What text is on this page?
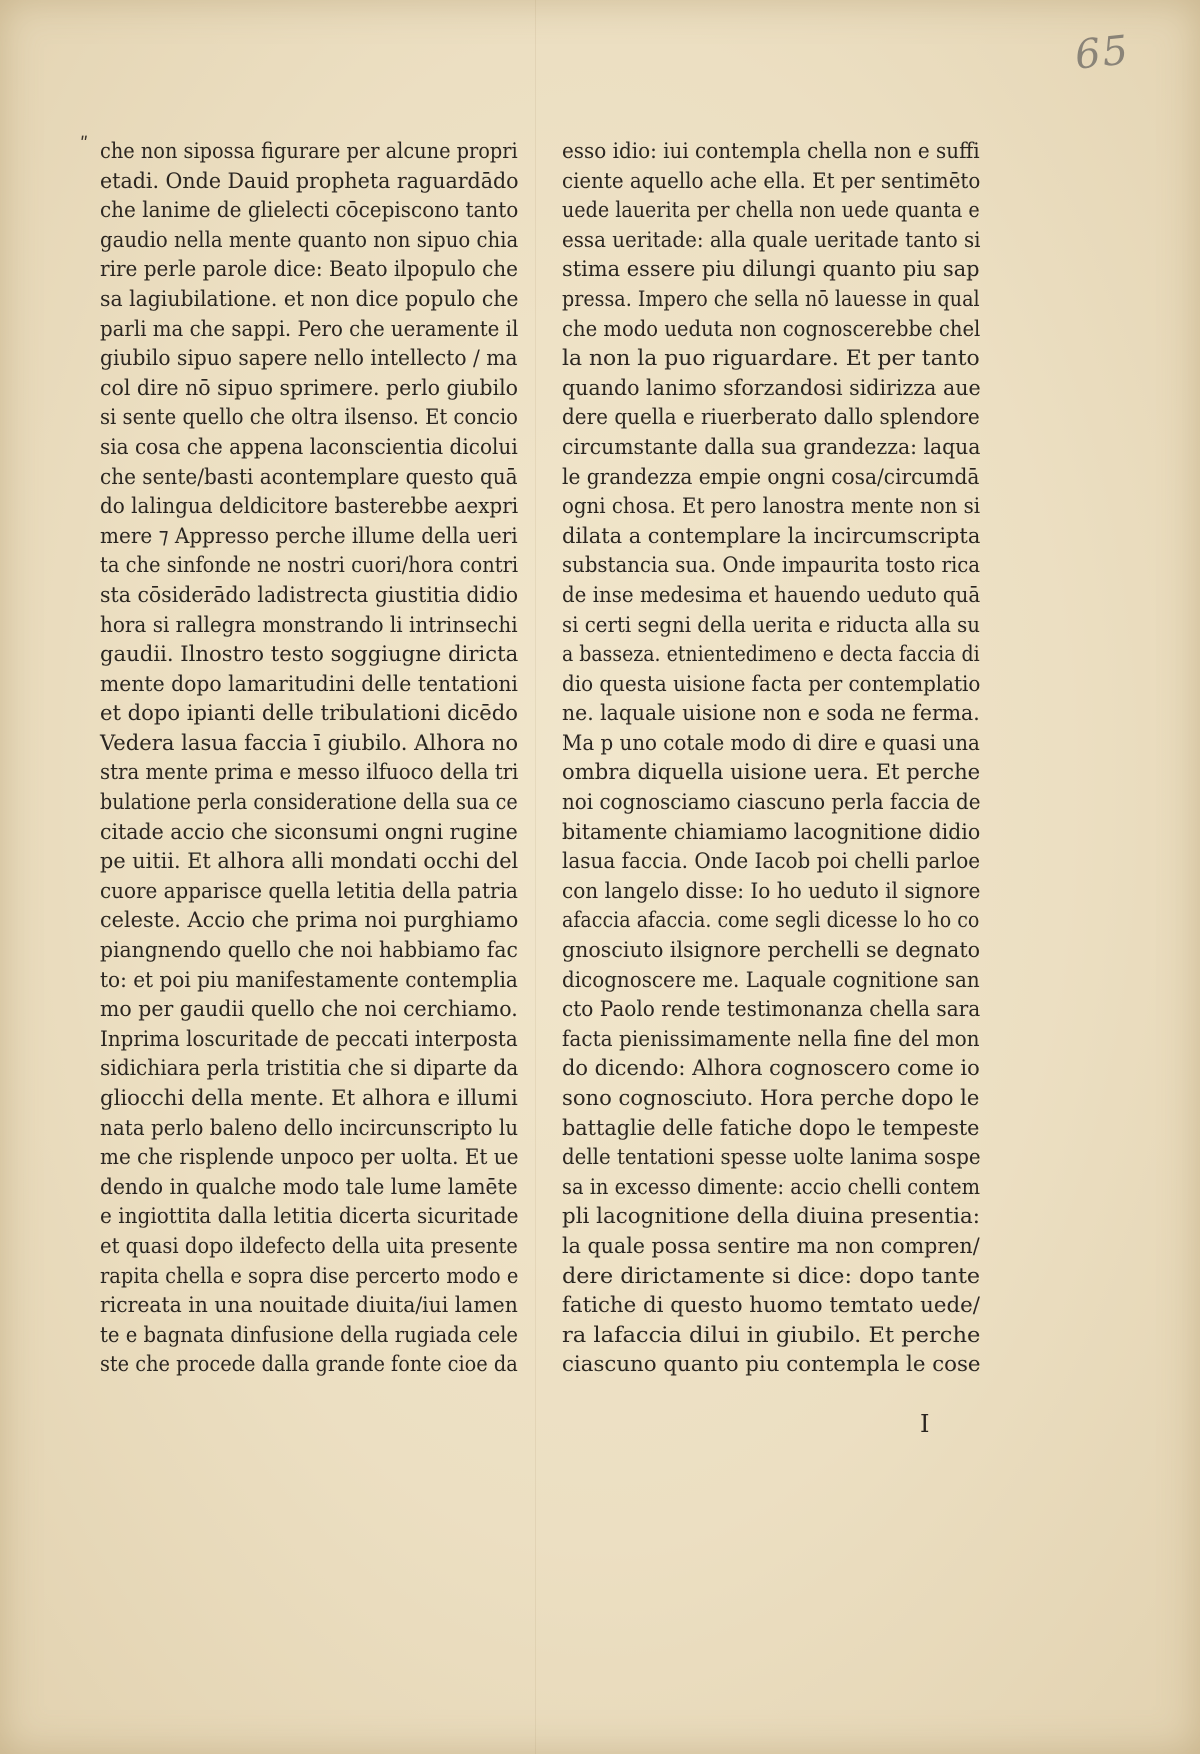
65
ʺ che non sipossa figurare per alcune propri
etadi. Onde Dauid propheta raguardādo
che lanime de glielecti cōcepiscono tanto
gaudio nella mente quanto non sipuo chia
rire perle parole dice: Beato ilpopulo che
sa lagiubilatione. et non dice populo che
parli ma che sappi. Pero che ueramente il
giubilo sipuo sapere nello intellecto / ma
col dire nō sipuo sprimere. perlo giubilo
si sente quello che oltra ilsenso. Et concio
sia cosa che appena laconscientia dicolui
che sente/basti acontemplare questo quā
do lalingua deldicitore basterebbe aexpri
mere ⁊ Appresso perche illume della ueri
ta che sinfonde ne nostri cuori/hora contri
sta cōsiderādo ladistrecta giustitia didio
hora si rallegra monstrando li intrinsechi
gaudii. Ilnostro testo soggiugne diricta
mente dopo lamaritudini delle tentationi
et dopo ipianti delle tribulationi dicēdo
Vedera lasua faccia ī giubilo. Alhora no
stra mente prima e messo ilfuoco della tri
bulatione perla consideratione della sua ce
citade accio che siconsumi ongni rugine
pe uitii. Et alhora alli mondati occhi del
cuore apparisce quella letitia della patria
celeste. Accio che prima noi purghiamo
piangnendo quello che noi habbiamo fac
to: et poi piu manifestamente contemplia
mo per gaudii quello che noi cerchiamo.
Inprima loscuritade de peccati interposta
sidichiara perla tristitia che si diparte da
gliocchi della mente. Et alhora e illumi
nata perlo baleno dello incircunscripto lu
me che risplende unpoco per uolta. Et ue
dendo in qualche modo tale lume lamēte
e ingiottita dalla letitia dicerta sicuritade
et quasi dopo ildefecto della uita presente
rapita chella e sopra dise percerto modo e
ricreata in una nouitade diuita/iui lamen
te e bagnata dinfusione della rugiada cele
ste che procede dalla grande fonte cioe da
esso idio: iui contempla chella non e suffi
ciente aquello ache ella. Et per sentimēto
uede lauerita per chella non uede quanta e
essa ueritade: alla quale ueritade tanto si
stima essere piu dilungi quanto piu sap
pressa. Impero che sella nō lauesse in qual
che modo ueduta non cognoscerebbe chel
la non la puo riguardare. Et per tanto
quando lanimo sforzandosi sidirizza aue
dere quella e riuerberato dallo splendore
circumstante dalla sua grandezza: laqua
le grandezza empie ongni cosa/circumdā
ogni chosa. Et pero lanostra mente non si
dilata a contemplare la incircumscripta
substancia sua. Onde impaurita tosto rica
de inse medesima et hauendo ueduto quā
si certi segni della uerita e riducta alla su
a basseza. etnientedimeno e decta faccia di
dio questa uisione facta per contemplatio
ne. laquale uisione non e soda ne ferma.
Ma p uno cotale modo di dire e quasi una
ombra diquella uisione uera. Et perche
noi cognosciamo ciascuno perla faccia de
bitamente chiamiamo lacognitione didio
lasua faccia. Onde Iacob poi chelli parloe
con langelo disse: Io ho ueduto il signore
afaccia afaccia. come segli dicesse lo ho co
gnosciuto ilsignore perchelli se degnato
dicognoscere me. Laquale cognitione san
cto Paolo rende testimonanza chella sara
facta pienissimamente nella fine del mon
do dicendo: Alhora cognoscero come io
sono cognosciuto. Hora perche dopo le
battaglie delle fatiche dopo le tempeste
delle tentationi spesse uolte lanima sospe
sa in excesso dimente: accio chelli contem
pli lacognitione della diuina presentia:
la quale possa sentire ma non compren/
dere dirictamente si dice: dopo tante
fatiche di questo huomo temtato uede/
ra lafaccia dilui in giubilo. Et perche
ciascuno quanto piu contempla le cose
I
